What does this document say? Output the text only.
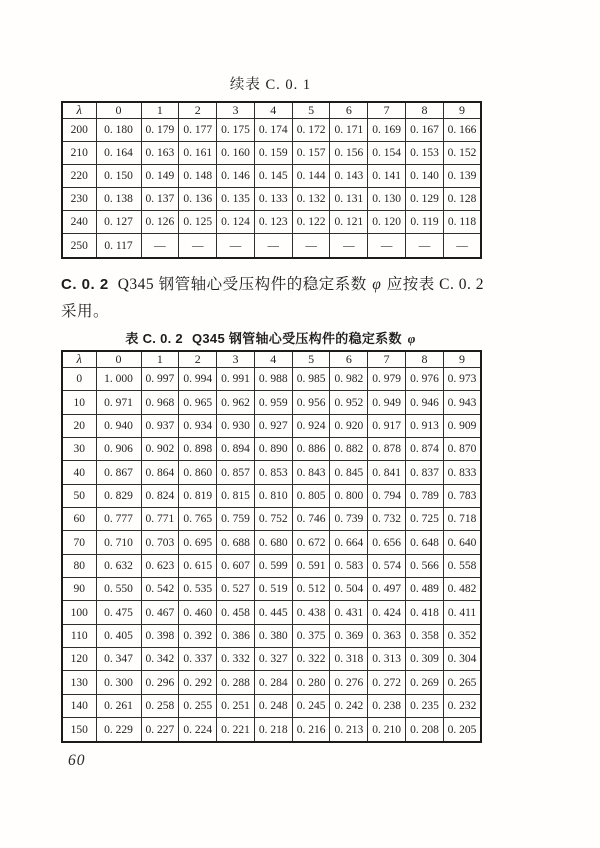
续表 C. 0. 1
λ	0	1	2	3	4	5	6	7	8	9
200	0. 180	0. 179	0. 177	0. 175	0. 174	0. 172	0. 171	0. 169	0. 167	0. 166
210	0. 164	0. 163	0. 161	0. 160	0. 159	0. 157	0. 156	0. 154	0. 153	0. 152
220	0. 150	0. 149	0. 148	0. 146	0. 145	0. 144	0. 143	0. 141	0. 140	0. 139
230	0. 138	0. 137	0. 136	0. 135	0. 133	0. 132	0. 131	0. 130	0. 129	0. 128
240	0. 127	0. 126	0. 125	0. 124	0. 123	0. 122	0. 121	0. 120	0. 119	0. 118
250	0. 117	—	—	—	—	—	—	—	—	—

C. 0. 2 Q345 钢管轴心受压构件的稳定系数 φ 应按表 C. 0. 2 采用。

表 C. 0. 2 Q345 钢管轴心受压构件的稳定系数 φ
λ	0	1	2	3	4	5	6	7	8	9
0	1. 000	0. 997	0. 994	0. 991	0. 988	0. 985	0. 982	0. 979	0. 976	0. 973
10	0. 971	0. 968	0. 965	0. 962	0. 959	0. 956	0. 952	0. 949	0. 946	0. 943
20	0. 940	0. 937	0. 934	0. 930	0. 927	0. 924	0. 920	0. 917	0. 913	0. 909
30	0. 906	0. 902	0. 898	0. 894	0. 890	0. 886	0. 882	0. 878	0. 874	0. 870
40	0. 867	0. 864	0. 860	0. 857	0. 853	0. 843	0. 845	0. 841	0. 837	0. 833
50	0. 829	0. 824	0. 819	0. 815	0. 810	0. 805	0. 800	0. 794	0. 789	0. 783
60	0. 777	0. 771	0. 765	0. 759	0. 752	0. 746	0. 739	0. 732	0. 725	0. 718
70	0. 710	0. 703	0. 695	0. 688	0. 680	0. 672	0. 664	0. 656	0. 648	0. 640
80	0. 632	0. 623	0. 615	0. 607	0. 599	0. 591	0. 583	0. 574	0. 566	0. 558
90	0. 550	0. 542	0. 535	0. 527	0. 519	0. 512	0. 504	0. 497	0. 489	0. 482
100	0. 475	0. 467	0. 460	0. 458	0. 445	0. 438	0. 431	0. 424	0. 418	0. 411
110	0. 405	0. 398	0. 392	0. 386	0. 380	0. 375	0. 369	0. 363	0. 358	0. 352
120	0. 347	0. 342	0. 337	0. 332	0. 327	0. 322	0. 318	0. 313	0. 309	0. 304
130	0. 300	0. 296	0. 292	0. 288	0. 284	0. 280	0. 276	0. 272	0. 269	0. 265
140	0. 261	0. 258	0. 255	0. 251	0. 248	0. 245	0. 242	0. 238	0. 235	0. 232
150	0. 229	0. 227	0. 224	0. 221	0. 218	0. 216	0. 213	0. 210	0. 208	0. 205
60
